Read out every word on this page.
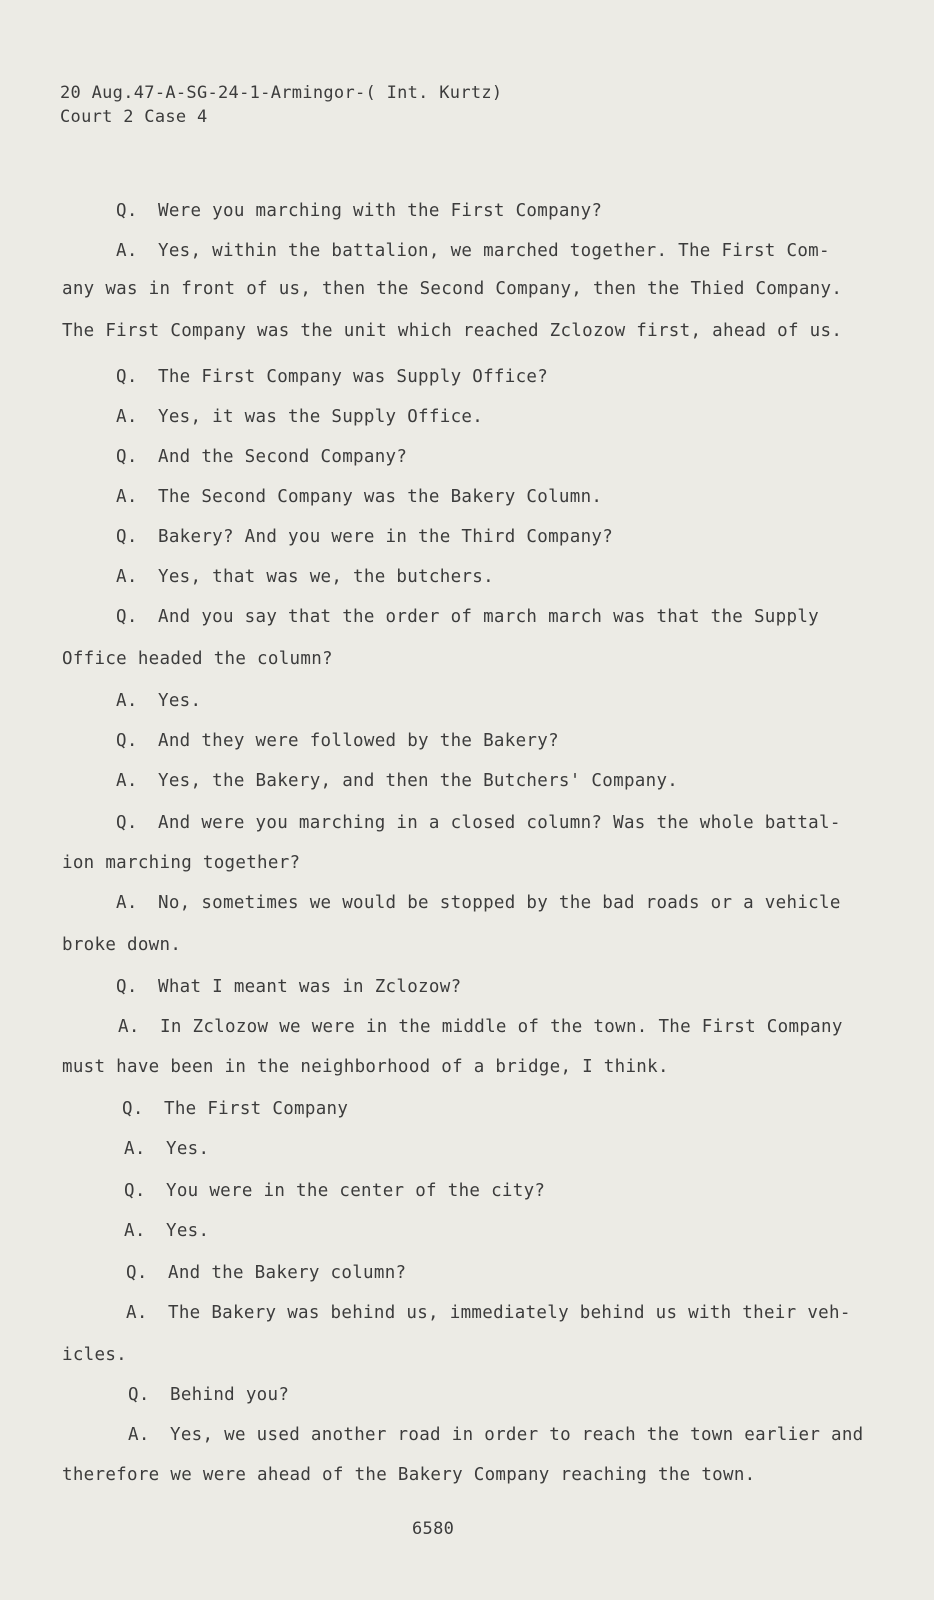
20 Aug.47-A-SG-24-1-Armingor-( Int. Kurtz)

Court 2 Case 4

Q. Were you marching with the First Company?

A. Yes, within the battalion, we marched together. The First Com-

any was in front of us, then the Second Company, then the Thied Company.

The First Company was the unit which reached Zclozow first, ahead of us.

Q. The First Company was Supply Office?

A. Yes, it was the Supply Office.

Q. And the Second Company?

A. The Second Company was the Bakery Column.

Q. Bakery? And you were in the Third Company?

A. Yes, that was we, the butchers.

Q. And you say that the order of march march was that the Supply

Office headed the column?

A. Yes.

Q. And they were followed by the Bakery?

A. Yes, the Bakery, and then the Butchers' Company.

Q. And were you marching in a closed column? Was the whole battal-

ion marching together?

A. No, sometimes we would be stopped by the bad roads or a vehicle

broke down.

Q. What I meant was in Zclozow?

A. In Zclozow we were in the middle of the town. The First Company

must have been in the neighborhood of a bridge, I think.

Q. The First Company

A. Yes.

Q. You were in the center of the city?

A. Yes.

Q. And the Bakery column?

A. The Bakery was behind us, immediately behind us with their veh-

icles.

Q. Behind you?

A. Yes, we used another road in order to reach the town earlier and

therefore we were ahead of the Bakery Company reaching the town.

6580
